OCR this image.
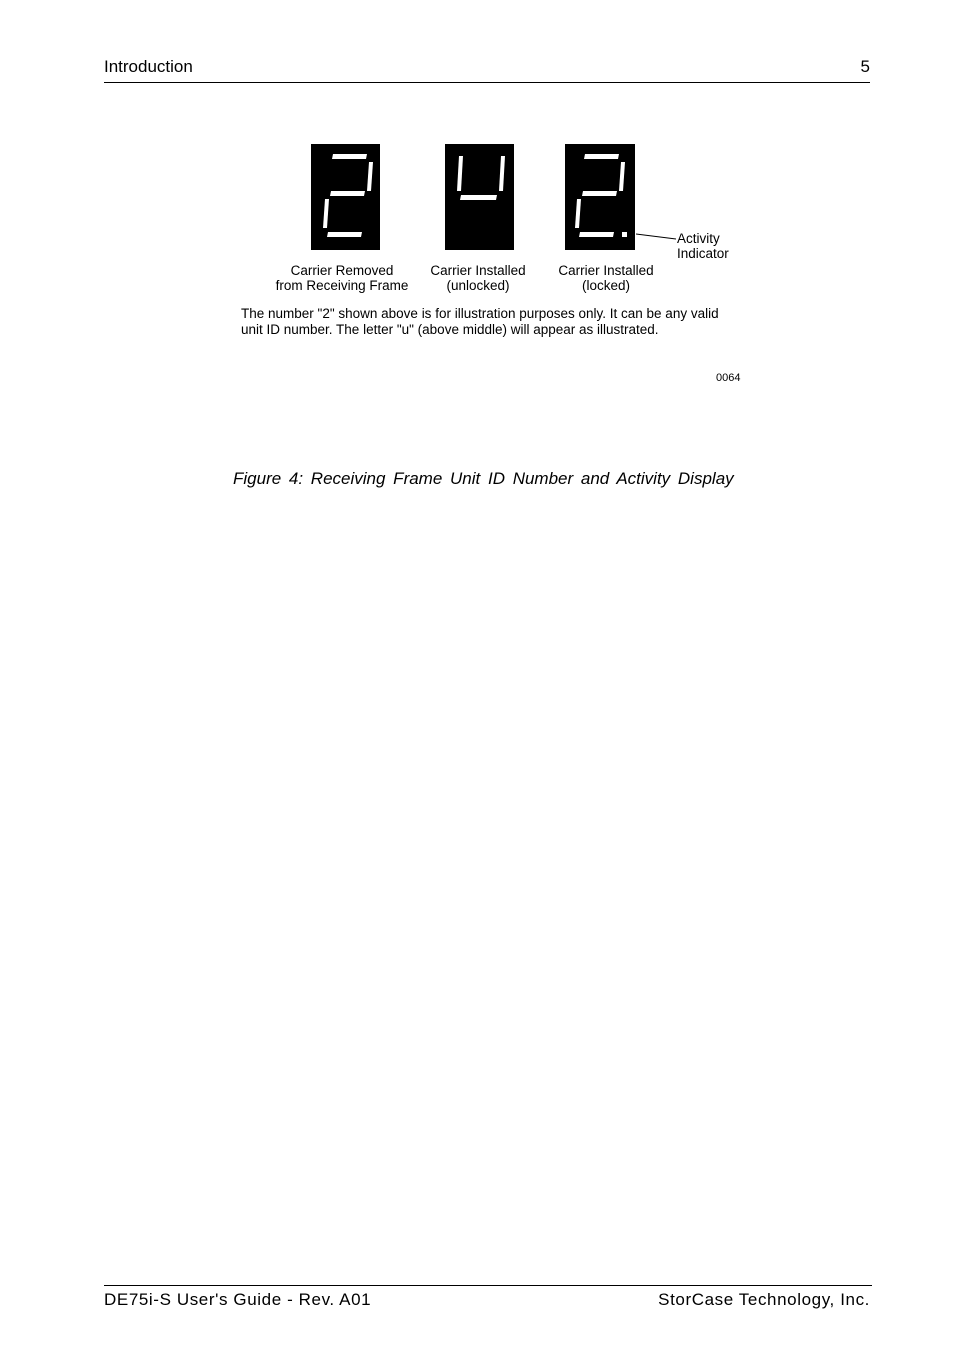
Introduction	5
Activity
Indicator
Carrier Removed
from Receiving Frame
Carrier Installed
(unlocked)
Carrier Installed
(locked)
The number "2" shown above is for illustration purposes only. It can be any valid
unit ID number. The letter "u" (above middle) will appear as illustrated.
0064
Figure 4: Receiving Frame Unit ID Number and Activity Display
DE75i-S User's Guide - Rev. A01	StorCase Technology, Inc.
